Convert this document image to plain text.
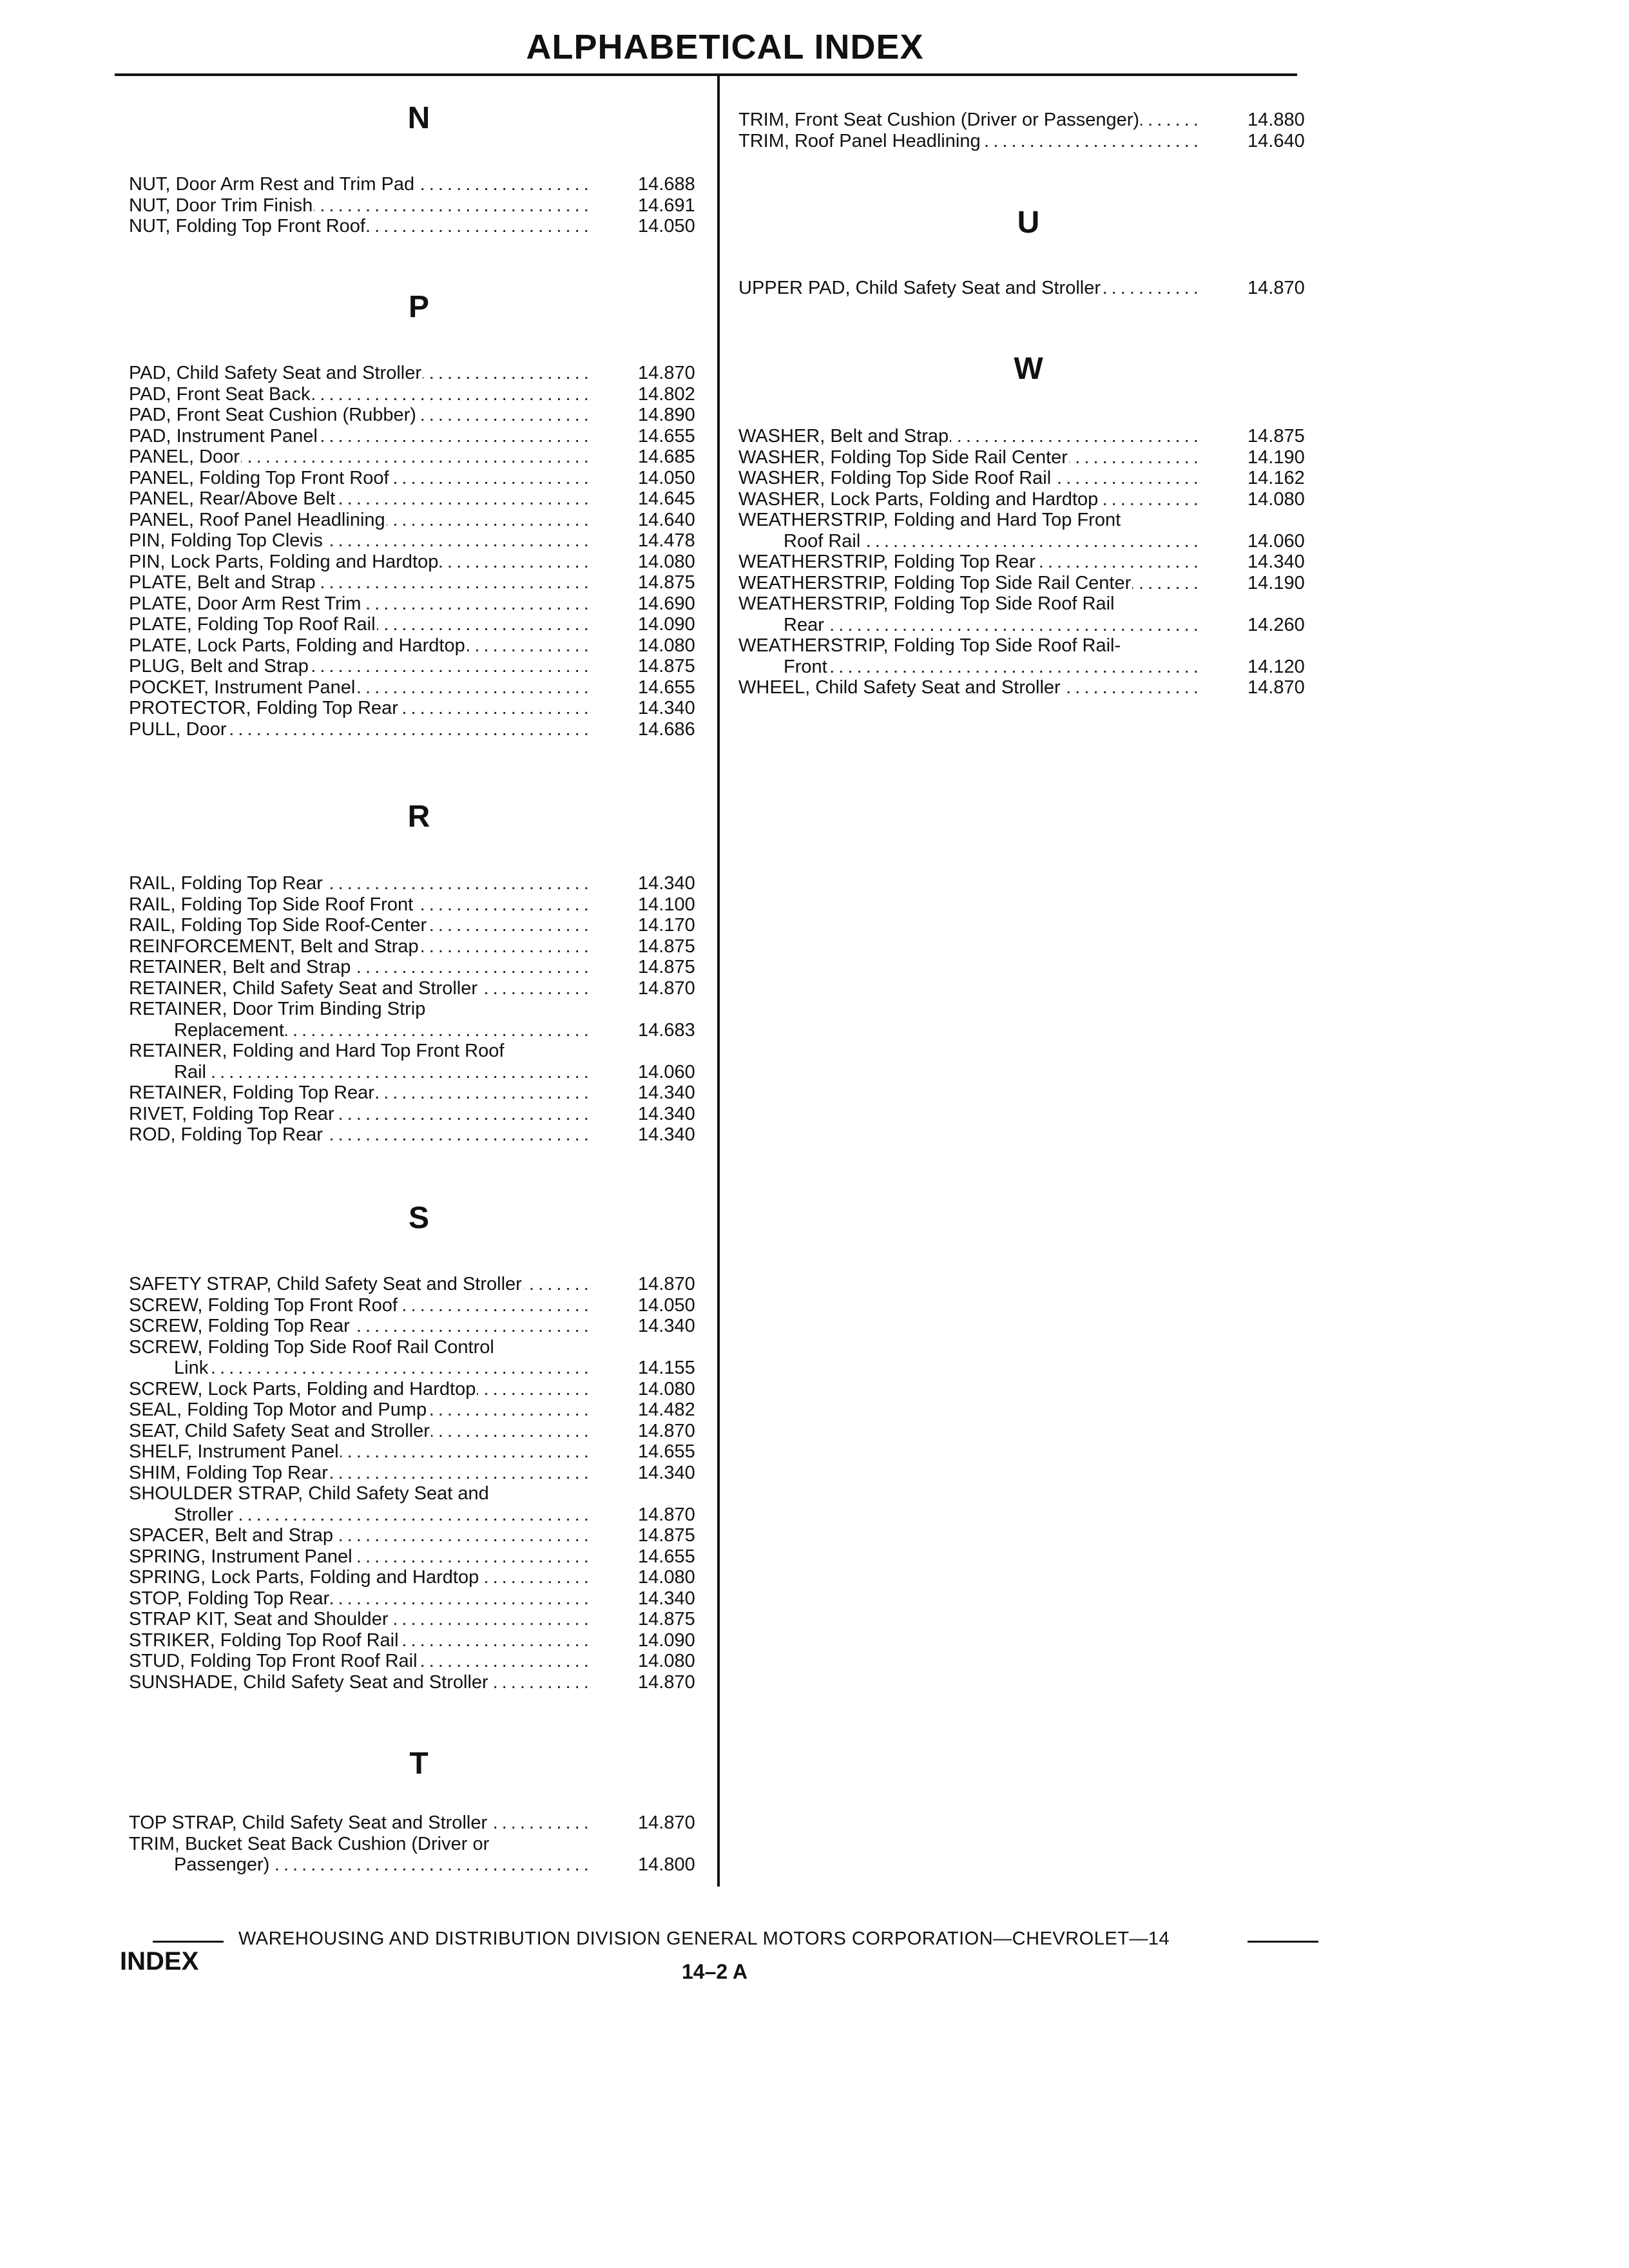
ALPHABETICAL INDEX
N
NUT, Door Arm Rest and Trim Pad . . .	14.688
NUT, Door Trim Finish . . .	14.691
NUT, Folding Top Front Roof . . .	14.050
P
PAD, Child Safety Seat and Stroller . . .	14.870
PAD, Front Seat Back . . .	14.802
PAD, Front Seat Cushion (Rubber) . . .	14.890
PAD, Instrument Panel . . .	14.655
PANEL, Door . . .	14.685
PANEL, Folding Top Front Roof . . .	14.050
PANEL, Rear/Above Belt . . .	14.645
PANEL, Roof Panel Headlining . . .	14.640
PIN, Folding Top Clevis . . .	14.478
PIN, Lock Parts, Folding and Hardtop . . .	14.080
PLATE, Belt and Strap . . .	14.875
PLATE, Door Arm Rest Trim . . .	14.690
PLATE, Folding Top Roof Rail . . .	14.090
PLATE, Lock Parts, Folding and Hardtop . . .	14.080
PLUG, Belt and Strap . . .	14.875
POCKET, Instrument Panel . . .	14.655
PROTECTOR, Folding Top Rear . . .	14.340
PULL, Door . . .	14.686
R
RAIL, Folding Top Rear . . .	14.340
RAIL, Folding Top Side Roof Front . . .	14.100
RAIL, Folding Top Side Roof-Center . . .	14.170
REINFORCEMENT, Belt and Strap . . .	14.875
RETAINER, Belt and Strap . . .	14.875
RETAINER, Child Safety Seat and Stroller . . .	14.870
RETAINER, Door Trim Binding Strip
Replacement . . .	14.683
RETAINER, Folding and Hard Top Front Roof
Rail . . .	14.060
RETAINER, Folding Top Rear . . .	14.340
RIVET, Folding Top Rear . . .	14.340
ROD, Folding Top Rear . . .	14.340
S
SAFETY STRAP, Child Safety Seat and Stroller . . .	14.870
SCREW, Folding Top Front Roof . . .	14.050
SCREW, Folding Top Rear . . .	14.340
SCREW, Folding Top Side Roof Rail Control
Link . . .	14.155
SCREW, Lock Parts, Folding and Hardtop . . .	14.080
SEAL, Folding Top Motor and Pump . . .	14.482
SEAT, Child Safety Seat and Stroller . . .	14.870
SHELF, Instrument Panel . . .	14.655
SHIM, Folding Top Rear . . .	14.340
SHOULDER STRAP, Child Safety Seat and
Stroller . . .	14.870
SPACER, Belt and Strap . . .	14.875
SPRING, Instrument Panel . . .	14.655
SPRING, Lock Parts, Folding and Hardtop . . .	14.080
STOP, Folding Top Rear . . .	14.340
STRAP KIT, Seat and Shoulder . . .	14.875
STRIKER, Folding Top Roof Rail . . .	14.090
STUD, Folding Top Front Roof Rail . . .	14.080
SUNSHADE, Child Safety Seat and Stroller . . .	14.870
T
TOP STRAP, Child Safety Seat and Stroller . . .	14.870
TRIM, Bucket Seat Back Cushion (Driver or
Passenger) . . .	14.800
TRIM, Front Seat Cushion (Driver or Passenger) . . .	14.880
TRIM, Roof Panel Headlining . . .	14.640
U
UPPER PAD, Child Safety Seat and Stroller . . .	14.870
W
WASHER, Belt and Strap . . .	14.875
WASHER, Folding Top Side Rail Center . . .	14.190
WASHER, Folding Top Side Roof Rail . . .	14.162
WASHER, Lock Parts, Folding and Hardtop . . .	14.080
WEATHERSTRIP, Folding and Hard Top Front
Roof Rail . . .	14.060
WEATHERSTRIP, Folding Top Rear . . .	14.340
WEATHERSTRIP, Folding Top Side Rail Center . . .	14.190
WEATHERSTRIP, Folding Top Side Roof Rail
Rear . . .	14.260
WEATHERSTRIP, Folding Top Side Roof Rail-
Front . . .	14.120
WHEEL, Child Safety Seat and Stroller . . .	14.870
WAREHOUSING AND DISTRIBUTION DIVISION GENERAL MOTORS CORPORATION—CHEVROLET—14
INDEX	14–2 A
